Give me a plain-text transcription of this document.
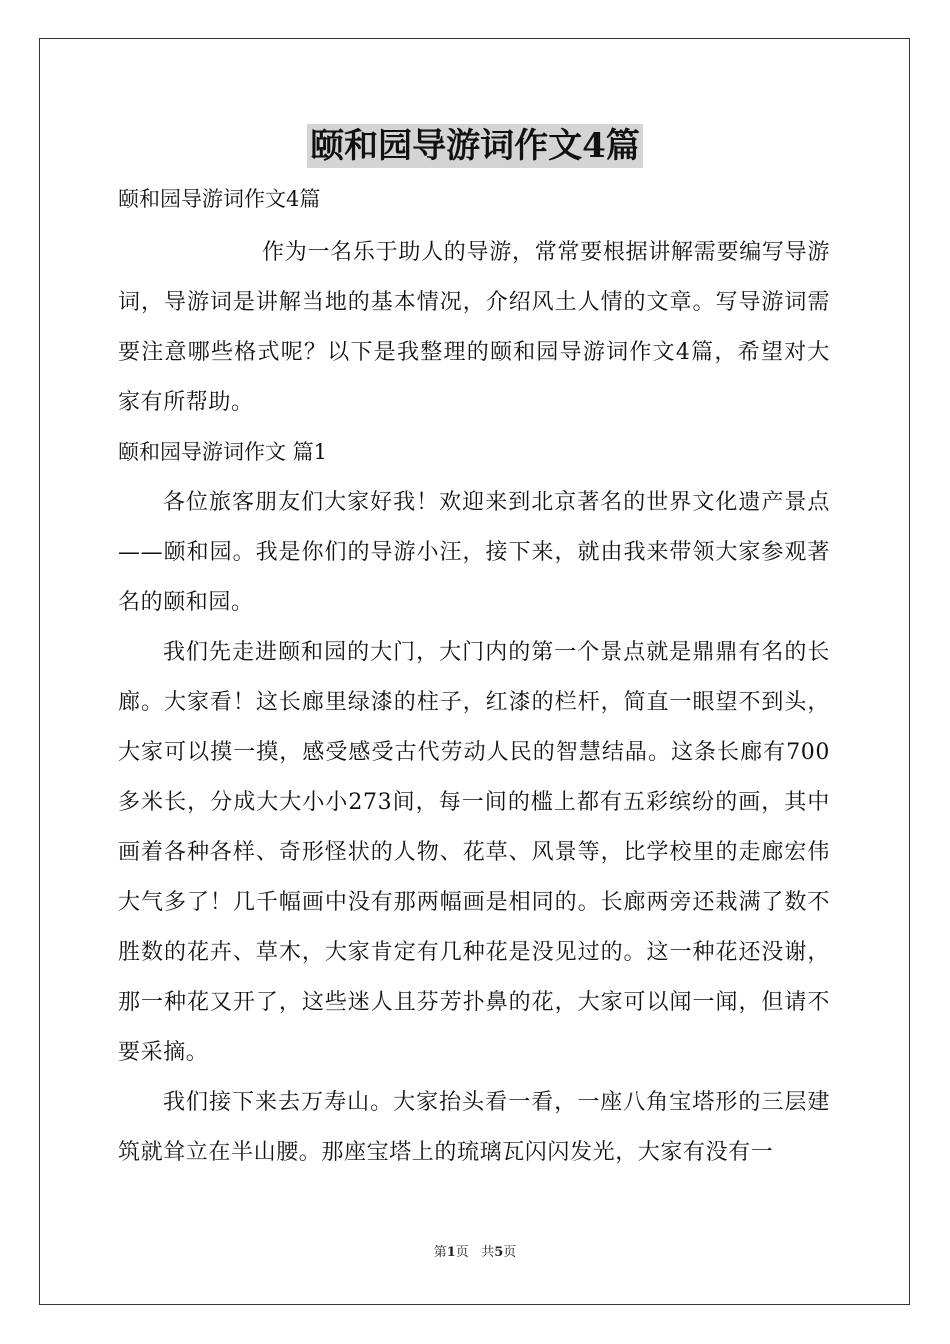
颐和园导游词作文4篇

颐和园导游词作文4篇

作为一名乐于助人的导游，常常要根据讲解需要编写导游词，导游词是讲解当地的基本情况，介绍风土人情的文章。写导游词需要注意哪些格式呢？以下是我整理的颐和园导游词作文4篇，希望对大家有所帮助。

颐和园导游词作文 篇1

各位旅客朋友们大家好我！欢迎来到北京著名的世界文化遗产景点——颐和园。我是你们的导游小汪，接下来，就由我来带领大家参观著名的颐和园。

我们先走进颐和园的大门，大门内的第一个景点就是鼎鼎有名的长廊。大家看！这长廊里绿漆的柱子，红漆的栏杆，简直一眼望不到头，大家可以摸一摸，感受感受古代劳动人民的智慧结晶。这条长廊有700多米长，分成大大小小273间，每一间的槛上都有五彩缤纷的画，其中画着各种各样、奇形怪状的人物、花草、风景等，比学校里的走廊宏伟大气多了！几千幅画中没有那两幅画是相同的。长廊两旁还栽满了数不胜数的花卉、草木，大家肯定有几种花是没见过的。这一种花还没谢，那一种花又开了，这些迷人且芬芳扑鼻的花，大家可以闻一闻，但请不要采摘。

我们接下来去万寿山。大家抬头看一看，一座八角宝塔形的三层建筑就耸立在半山腰。那座宝塔上的琉璃瓦闪闪发光，大家有没有一

第1页 共5页
